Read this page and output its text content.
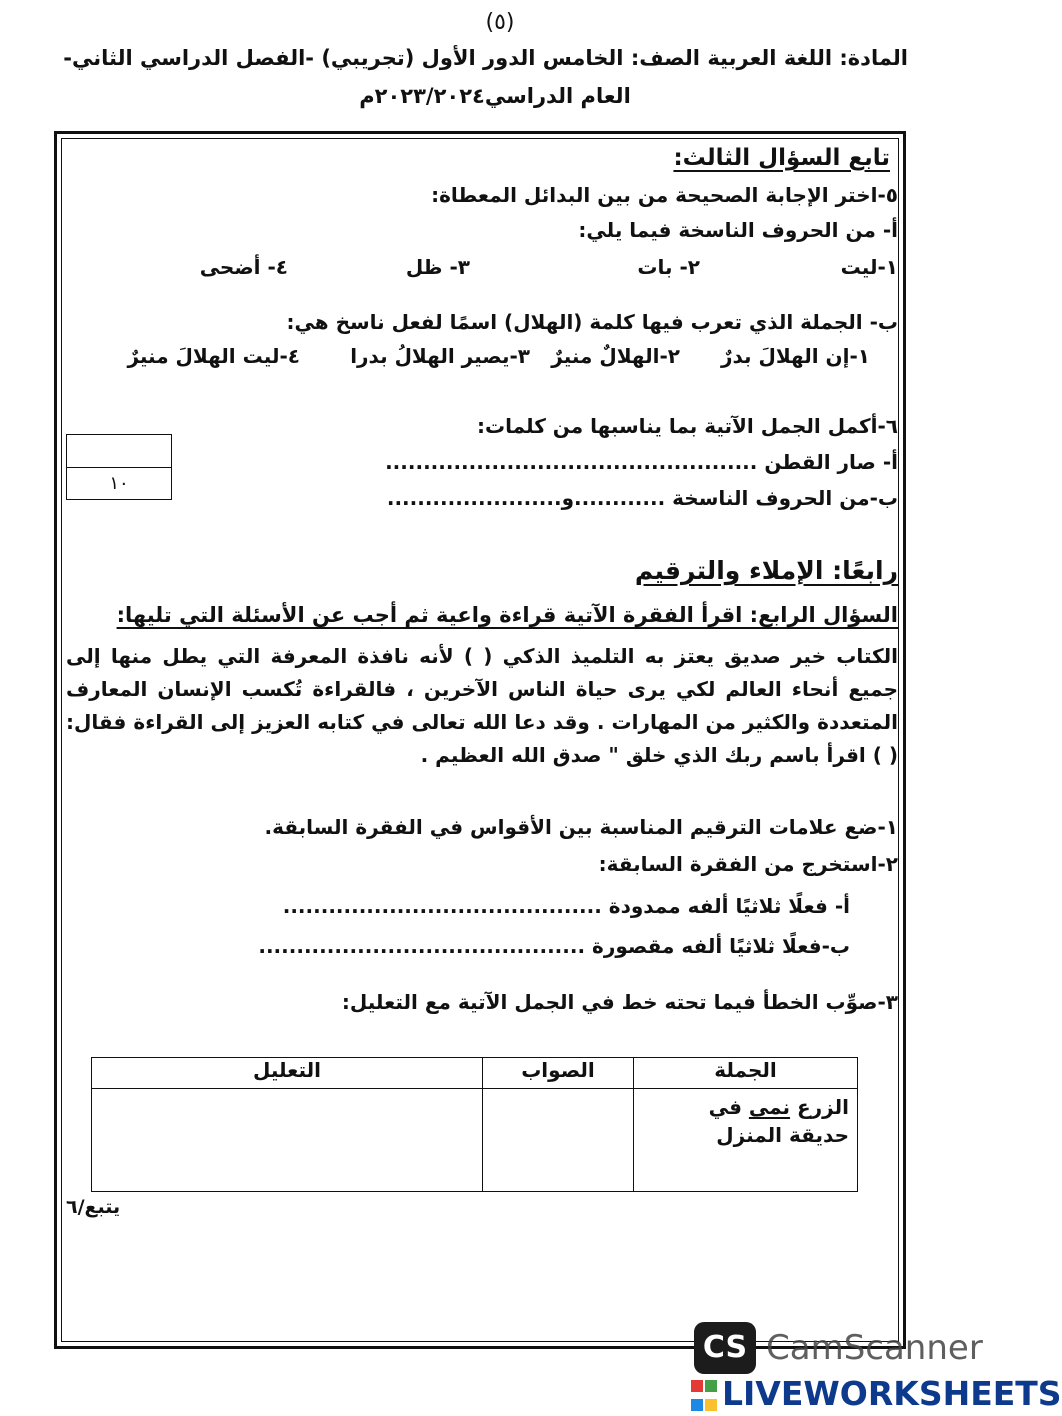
(٥)
المادة: اللغة العربية الصف: الخامس الدور الأول (تجريبي) -الفصل الدراسي الثاني-
العام الدراسي٢٠٢٣/٢٠٢٤م
تابع السؤال الثالث:
٥-اختر الإجابة الصحيحة من بين البدائل المعطاة:
أ- من الحروف الناسخة فيما يلي:
١-ليت
٢- بات
٣- ظل
٤- أضحى
ب- الجملة الذي تعرب فيها كلمة (الهلال) اسمًا لفعل ناسخ هي:
١-إن الهلالَ بدرٌ
٢-الهلالٌ منيرٌ
٣-يصير الهلالُ بدرا
٤-ليت الهلالَ منيرٌ
٦-أكمل الجمل الآتية بما يناسبها من كلمات:
أ- صار القطن .................................................
ب-من الحروف الناسخة ............و.......................
١٠
رابعًا: الإملاء والترقيم
السؤال الرابع: اقرأ الفقرة الآتية قراءة واعية ثم أجب عن الأسئلة التي تليها:
الكتاب خير صديق يعتز به التلميذ الذكي ( ) لأنه نافذة المعرفة التي يطل منها إلى جميع أنحاء العالم لكي يرى حياة الناس الآخرين ، فالقراءة تُكسب الإنسان المعارف المتعددة والكثير من المهارات . وقد دعا الله تعالى في كتابه العزيز إلى القراءة فقال: ( ) اقرأ باسم ربك الذي خلق " صدق الله العظيم .
١-ضع علامات الترقيم المناسبة بين الأقواس في الفقرة السابقة.
٢-استخرج من الفقرة السابقة:
أ- فعلًا ثلاثيًا ألفه ممدودة ..........................................
ب-فعلًا ثلاثيًا ألفه مقصورة ...........................................
٣-صوِّب الخطأ فيما تحته خط في الجمل الآتية مع التعليل:
الجملة	الصواب	التعليل
الزرع نمى في حديقة المنزل		
يتبع/٦
CS CamScanner
LIVEWORKSHEETS
